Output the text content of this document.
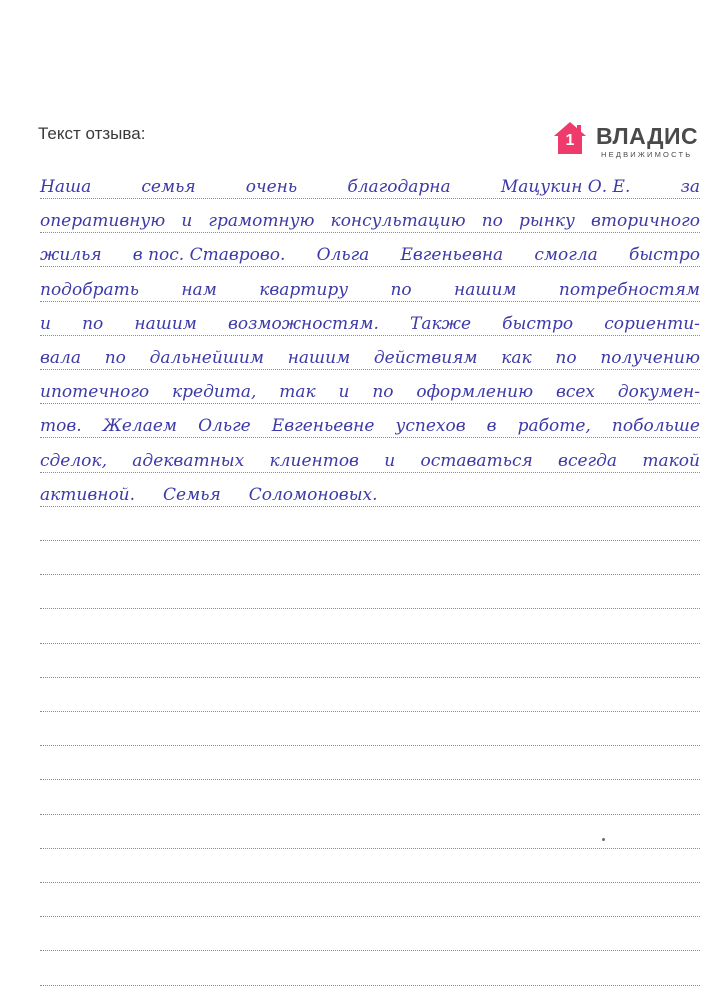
Текст отзыва:	1 ВЛАДИС
НЕДВИЖИМОСТЬ
Наша	семья	очень	благодарна	Мацукин О. Е.	за
оперативную и грамотную консультацию по рынку вторичного
жилья в пос. Ставрово. Ольга Евгеньевна смогла быстро
подобрать нам квартиру по нашим потребностям
и по нашим возможностям. Также быстро сориенти-
вала по дальнейшим нашим действиям как по получению
ипотечного кредита, так и по оформлению всех докумен-
тов. Желаем Ольге Евгеньевне успехов в работе, побольше
сделок, адекватных клиентов и оставаться всегда такой
активной. Семья Соломоновых.
